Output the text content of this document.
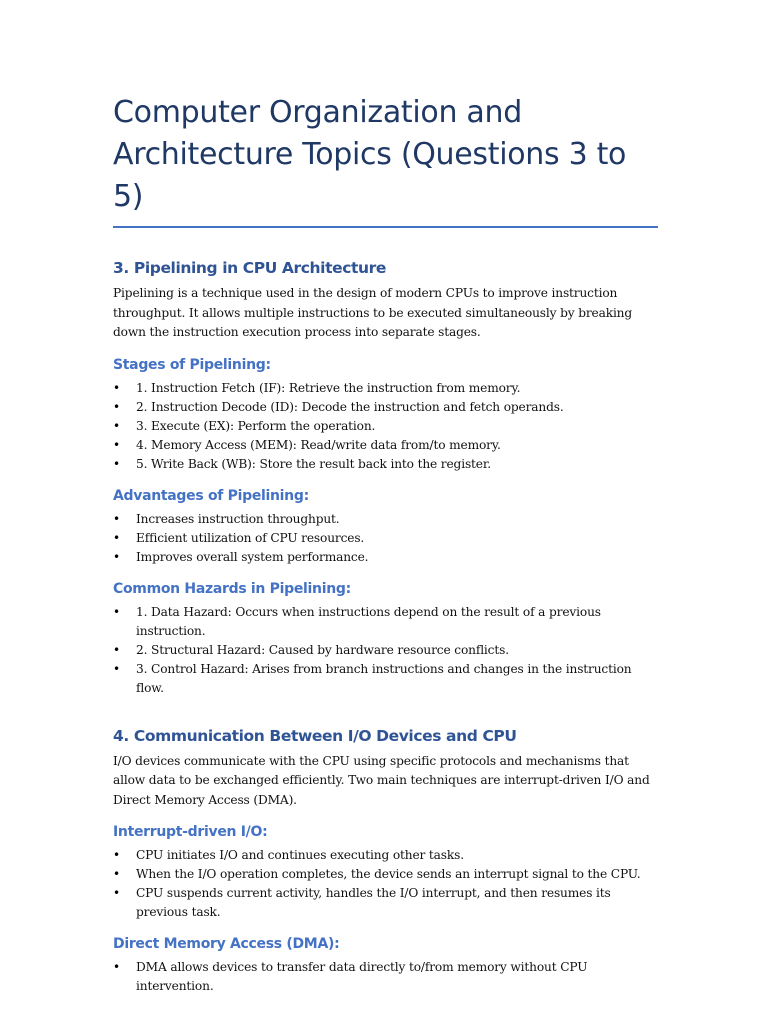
Computer Organization and Architecture Topics (Questions 3 to 5)
3. Pipelining in CPU Architecture

Pipelining is a technique used in the design of modern CPUs to improve instruction throughput. It allows multiple instructions to be executed simultaneously by breaking down the instruction execution process into separate stages.

Stages of Pipelining:
• 1. Instruction Fetch (IF): Retrieve the instruction from memory.
• 2. Instruction Decode (ID): Decode the instruction and fetch operands.
• 3. Execute (EX): Perform the operation.
• 4. Memory Access (MEM): Read/write data from/to memory.
• 5. Write Back (WB): Store the result back into the register.
Advantages of Pipelining:
• Increases instruction throughput.
• Efficient utilization of CPU resources.
• Improves overall system performance.
Common Hazards in Pipelining:
• 1. Data Hazard: Occurs when instructions depend on the result of a previous instruction.
• 2. Structural Hazard: Caused by hardware resource conflicts.
• 3. Control Hazard: Arises from branch instructions and changes in the instruction flow.
4. Communication Between I/O Devices and CPU

I/O devices communicate with the CPU using specific protocols and mechanisms that allow data to be exchanged efficiently. Two main techniques are interrupt-driven I/O and Direct Memory Access (DMA).

Interrupt-driven I/O:
• CPU initiates I/O and continues executing other tasks.
• When the I/O operation completes, the device sends an interrupt signal to the CPU.
• CPU suspends current activity, handles the I/O interrupt, and then resumes its previous task.
Direct Memory Access (DMA):
• DMA allows devices to transfer data directly to/from memory without CPU intervention.
